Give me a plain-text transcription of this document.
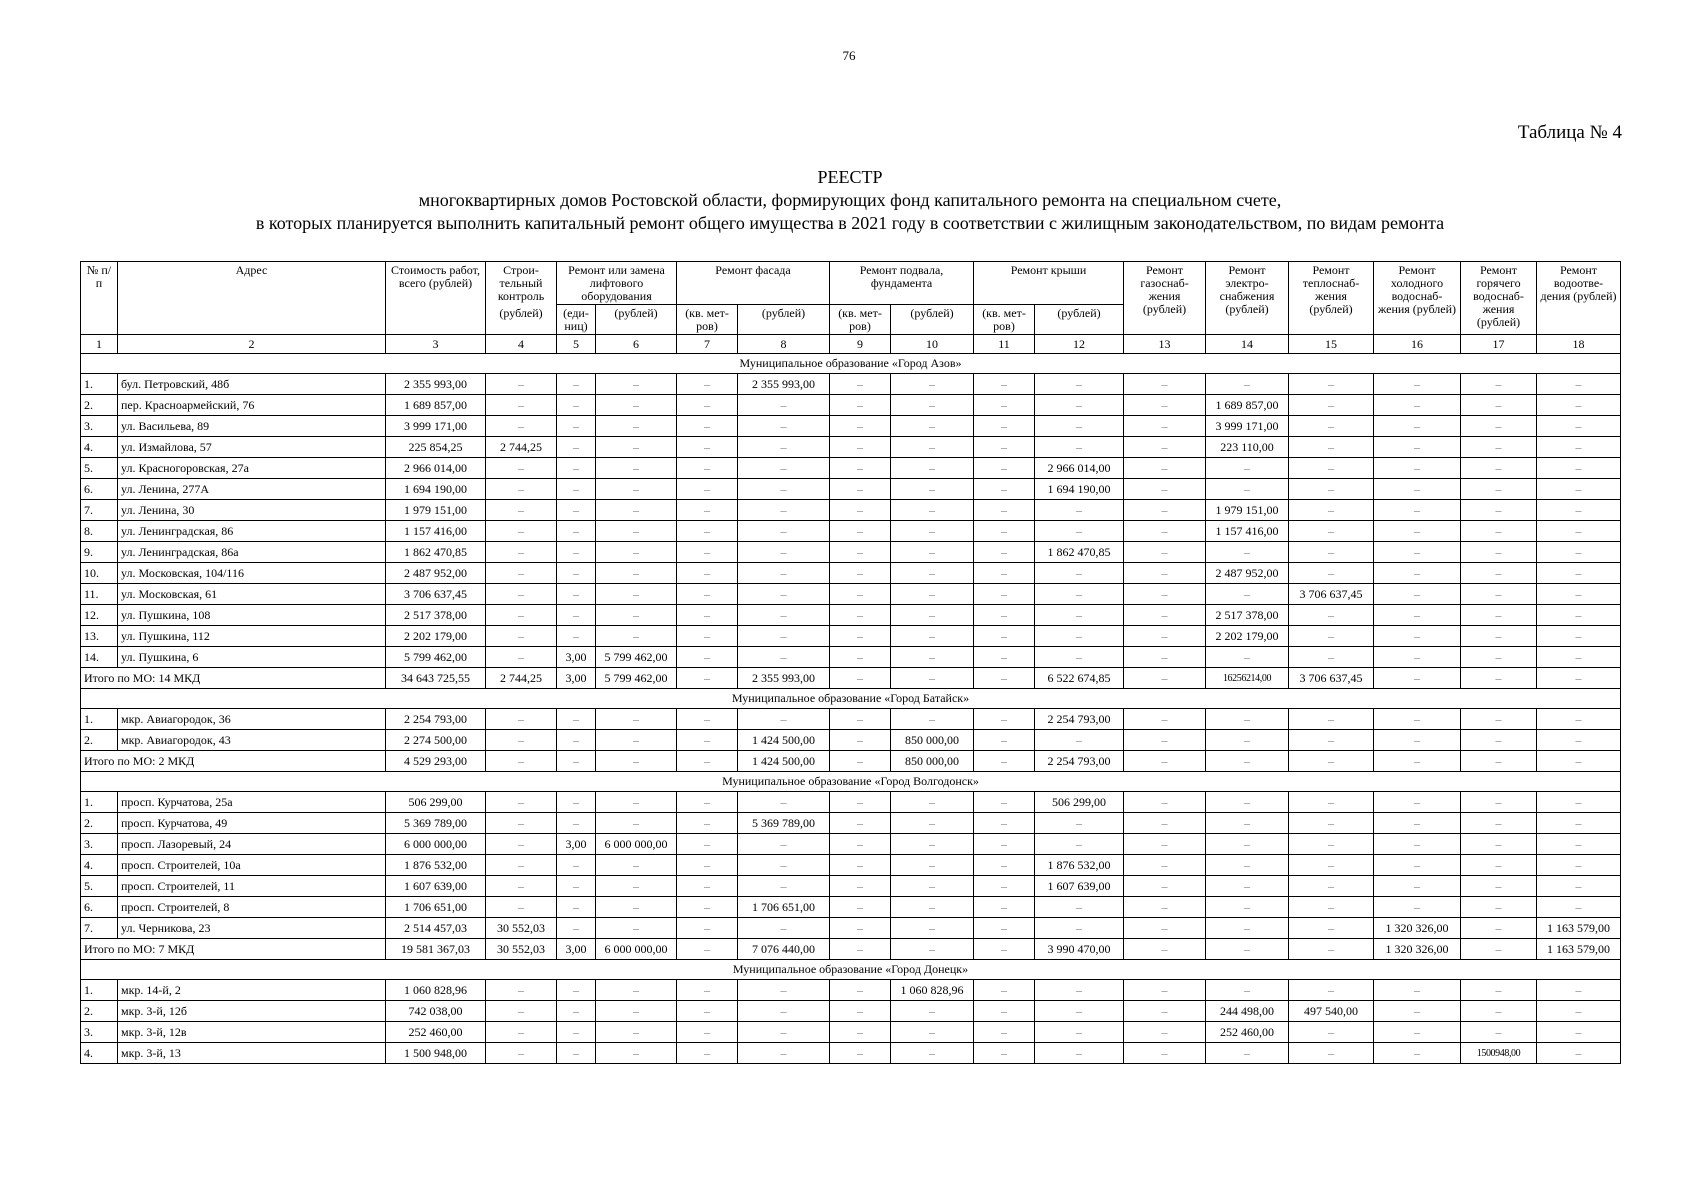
76
Таблица № 4
РЕЕСТР
многоквартирных домов Ростовской области, формирующих фонд капитального ремонта на специальном счете,
в которых планируется выполнить капитальный ремонт общего имущества в 2021 году в соответствии с жилищным законодательством, по видам ремонта
№ п/п	Адрес	Стоимость работ, всего (рублей)	Строи-тельный контроль	Ремонт или замена лифтового оборудования		Ремонт фасада		Ремонт подвала, фундамента		Ремонт крыши		Ремонт газоснаб-жения (рублей)	Ремонт электро-снабжения (рублей)	Ремонт теплоснаб-жения (рублей)	Ремонт холодного водоснаб-жения (рублей)	Ремонт горячего водоснаб-жения (рублей)	Ремонт водоотве-дения (рублей)
			(рублей)	(еди-ниц)	(рублей)	(кв. мет-ров)	(рублей)	(кв. мет-ров)	(рублей)	(кв. мет-ров)	(рублей)						
1	2	3	4	5	6	7	8	9	10	11	12	13	14	15	16	17	18
Муниципальное образование «Город Азов»																	
1.	бул. Петровский, 48б	2 355 993,00	–	–	–	–	2 355 993,00	–	–	–	–	–	–	–	–	–	–
2.	пер. Красноармейский, 76	1 689 857,00	–	–	–	–	–	–	–	–	–	–	1 689 857,00	–	–	–	–
3.	ул. Васильева, 89	3 999 171,00	–	–	–	–	–	–	–	–	–	–	3 999 171,00	–	–	–	–
4.	ул. Измайлова, 57	225 854,25	2 744,25	–	–	–	–	–	–	–	–	–	223 110,00	–	–	–	–
5.	ул. Красногоровская, 27а	2 966 014,00	–	–	–	–	–	–	–	–	2 966 014,00	–	–	–	–	–	–
6.	ул. Ленина, 277А	1 694 190,00	–	–	–	–	–	–	–	–	1 694 190,00	–	–	–	–	–	–
7.	ул. Ленина, 30	1 979 151,00	–	–	–	–	–	–	–	–	–	–	1 979 151,00	–	–	–	–
8.	ул. Ленинградская, 86	1 157 416,00	–	–	–	–	–	–	–	–	–	–	1 157 416,00	–	–	–	–
9.	ул. Ленинградская, 86а	1 862 470,85	–	–	–	–	–	–	–	–	1 862 470,85	–	–	–	–	–	–
10.	ул. Московская, 104/116	2 487 952,00	–	–	–	–	–	–	–	–	–	–	2 487 952,00	–	–	–	–
11.	ул. Московская, 61	3 706 637,45	–	–	–	–	–	–	–	–	–	–	–	3 706 637,45	–	–	–
12.	ул. Пушкина, 108	2 517 378,00	–	–	–	–	–	–	–	–	–	–	2 517 378,00	–	–	–	–
13.	ул. Пушкина, 112	2 202 179,00	–	–	–	–	–	–	–	–	–	–	2 202 179,00	–	–	–	–
14.	ул. Пушкина, 6	5 799 462,00	–	3,00	5 799 462,00	–	–	–	–	–	–	–	–	–	–	–	–
Итого по МО: 14 МКД		34 643 725,55	2 744,25	3,00	5 799 462,00	–	2 355 993,00	–	–	–	6 522 674,85	–	16256214,00	3 706 637,45	–	–	–
Муниципальное образование «Город Батайск»																	
1.	мкр. Авиагородок, 36	2 254 793,00	–	–	–	–	–	–	–	–	2 254 793,00	–	–	–	–	–	–
2.	мкр. Авиагородок, 43	2 274 500,00	–	–	–	–	1 424 500,00	–	850 000,00	–	–	–	–	–	–	–	–
Итого по МО: 2 МКД		4 529 293,00	–	–	–	–	1 424 500,00	–	850 000,00	–	2 254 793,00	–	–	–	–	–	–
Муниципальное образование «Город Волгодонск»																	
1.	просп. Курчатова, 25а	506 299,00	–	–	–	–	–	–	–	–	506 299,00	–	–	–	–	–	–
2.	просп. Курчатова, 49	5 369 789,00	–	–	–	–	5 369 789,00	–	–	–	–	–	–	–	–	–	–
3.	просп. Лазоревый, 24	6 000 000,00	–	3,00	6 000 000,00	–	–	–	–	–	–	–	–	–	–	–	–
4.	просп. Строителей, 10а	1 876 532,00	–	–	–	–	–	–	–	–	1 876 532,00	–	–	–	–	–	–
5.	просп. Строителей, 11	1 607 639,00	–	–	–	–	–	–	–	–	1 607 639,00	–	–	–	–	–	–
6.	просп. Строителей, 8	1 706 651,00	–	–	–	–	1 706 651,00	–	–	–	–	–	–	–	–	–	–
7.	ул. Черникова, 23	2 514 457,03	30 552,03	–	–	–	–	–	–	–	–	–	–	–	1 320 326,00	–	1 163 579,00
Итого по МО: 7 МКД		19 581 367,03	30 552,03	3,00	6 000 000,00	–	7 076 440,00	–	–	–	3 990 470,00	–	–	–	1 320 326,00	–	1 163 579,00
Муниципальное образование «Город Донецк»																	
1.	мкр. 14-й, 2	1 060 828,96	–	–	–	–	–	–	1 060 828,96	–	–	–	–	–	–	–	–
2.	мкр. 3-й, 12б	742 038,00	–	–	–	–	–	–	–	–	–	–	244 498,00	497 540,00	–	–	–
3.	мкр. 3-й, 12в	252 460,00	–	–	–	–	–	–	–	–	–	–	252 460,00	–	–	–	–
4.	мкр. 3-й, 13	1 500 948,00	–	–	–	–	–	–	–	–	–	–	–	–	–	1500948,00	–
